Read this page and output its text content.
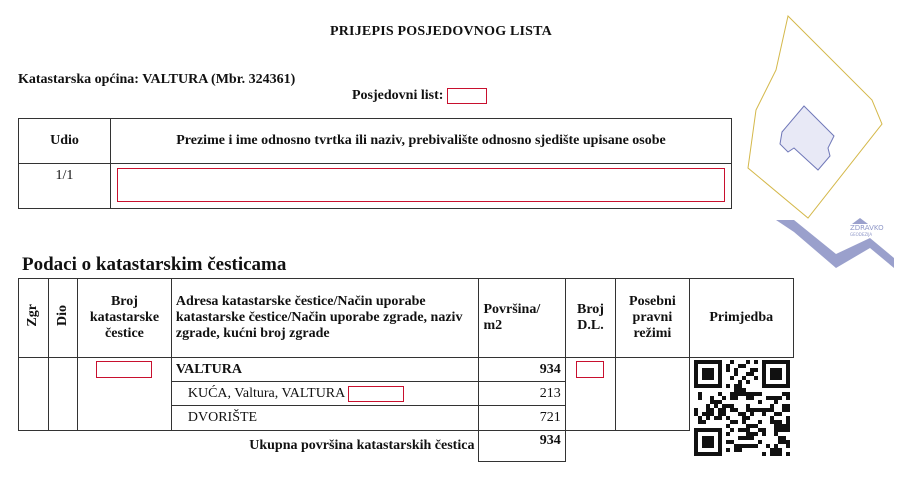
PRIJEPIS POSJEDOVNOG LISTA
Katastarska općina: VALTURA (Mbr. 324361)
Posjedovni list:
Udio	Prezime i ime odnosno tvrtka ili naziv, prebivalište odnosno sjedište upisane osobe
1/1	
ZDRAVKO
GEODEZIJA
Podaci o katastarskim česticama
Zgr	Dio	Broj katastarske čestice	Adresa katastarske čestice/Način uporabe katastarske čestice/Način uporabe zgrade, naziv zgrade, kućni broj zgrade	Površina/ m2	Broj D.L.	Posebni pravni režimi	Primjedba
			VALTURA	934			
			KUĆA, Valtura, VALTURA	213			
			DVORIŠTE	721			
Ukupna površina katastarskih čestica				934			
